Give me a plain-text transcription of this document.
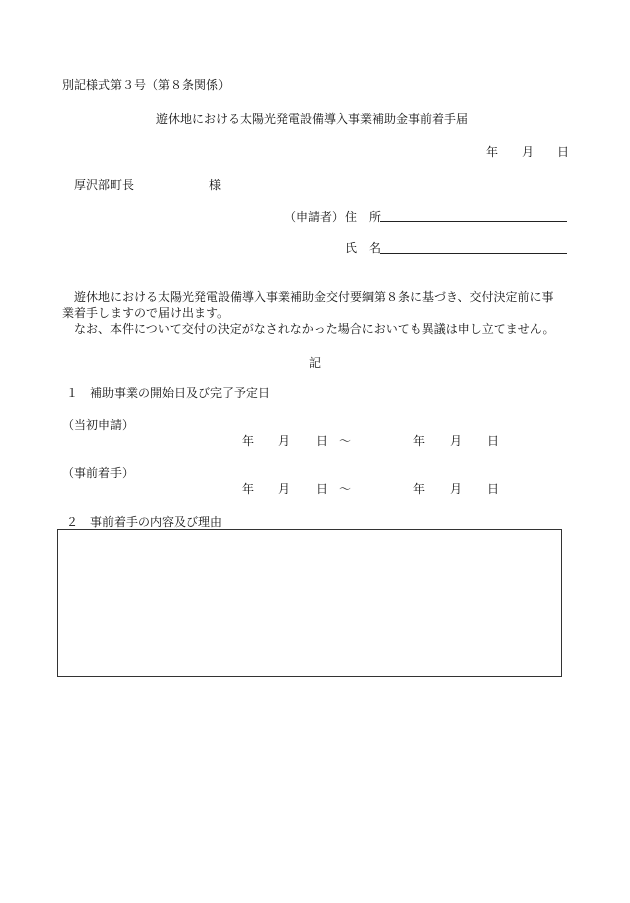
別記様式第３号（第８条関係）
遊休地における太陽光発電設備導入事業補助金事前着手届
年 月 日
厚沢部町長	様
（申請者） 住　所
氏　名
遊休地における太陽光発電設備導入事業補助金交付要綱第８条に基づき、交付決定前に事
業着手しますので届け出ます。
なお、本件について交付の決定がなされなかった場合においても異議は申し立てません。
記
１　補助事業の開始日及び完了予定日
（当初申請）
年 月 日 ～	年 月 日
（事前着手）
年 月 日 ～	年 月 日
２　事前着手の内容及び理由
